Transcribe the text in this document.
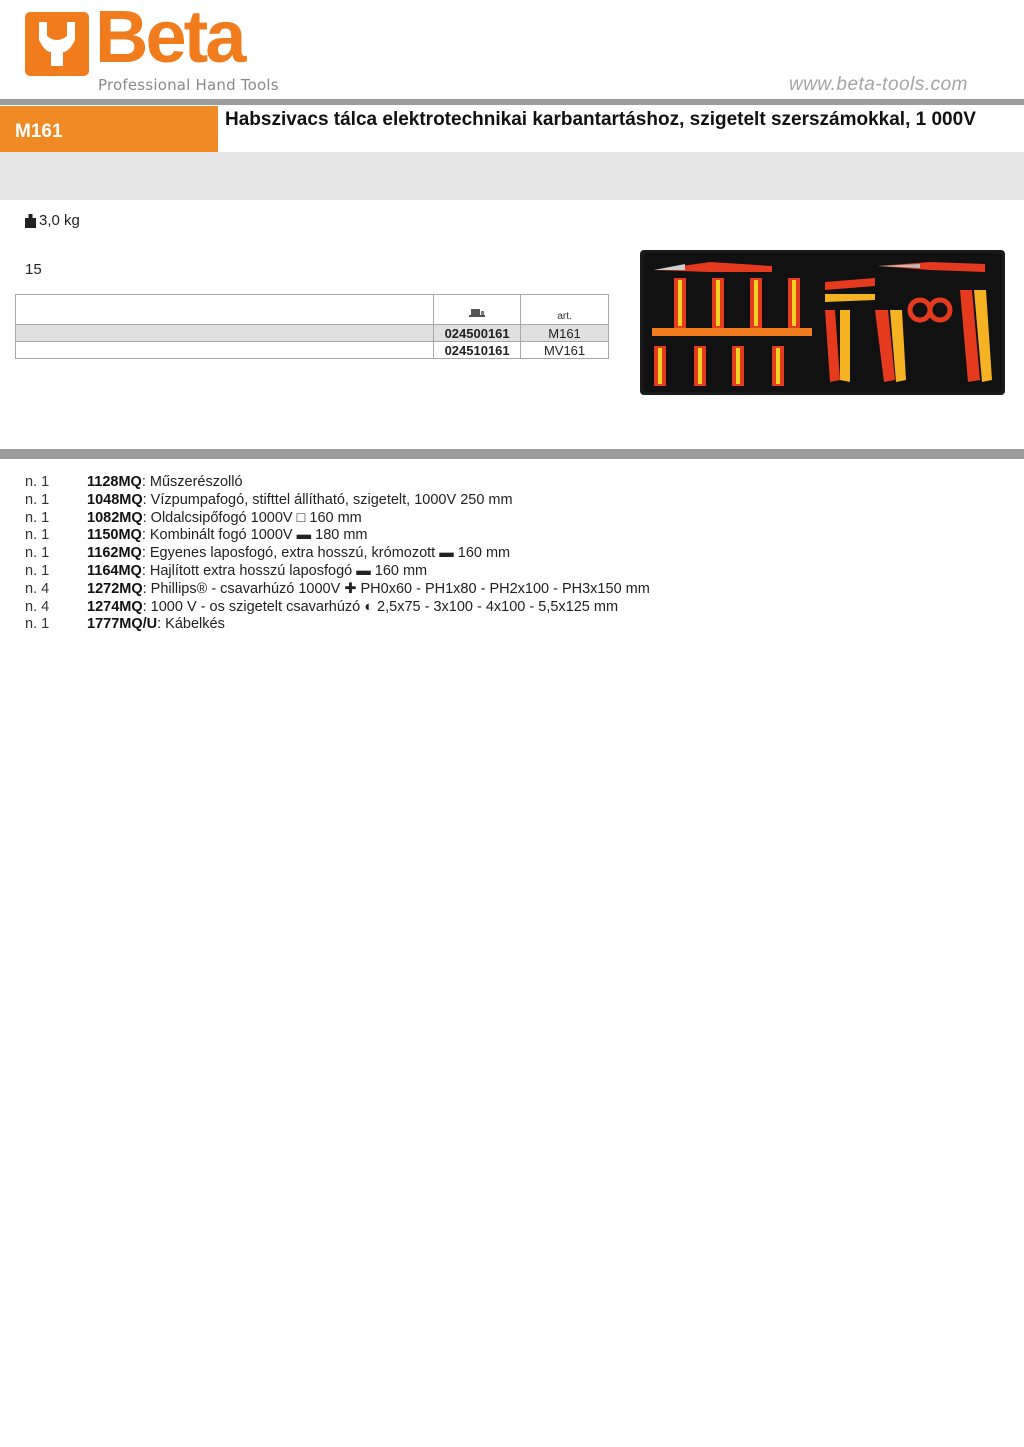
Beta
Professional Hand Tools	www.beta-tools.com
M161
Habszivacs tálca elektrotechnikai karbantartáshoz, szigetelt szerszámokkal, 1 000V
3,0 kg
15
		art.
	024500161	M161
	024510161	MV161
n. 1	1128MQ : Műszerészolló
n. 1	1048MQ : Vízpumpafogó, stifttel állítható, szigetelt, 1000V 250 mm
n. 1	1082MQ : Oldalcsipőfogó 1000V □ 160 mm
n. 1	1150MQ : Kombinált fogó 1000V ▬ 180 mm
n. 1	1162MQ : Egyenes laposfogó, extra hosszú, krómozott ▬ 160 mm
n. 1	1164MQ : Hajlított extra hosszú laposfogó ▬ 160 mm
n. 4	1272MQ : Phillips® - csavarhúzó 1000V ✚ PH0x60 - PH1x80 - PH2x100 - PH3x150 mm
n. 4	1274MQ : 1000 V - os szigetelt csavarhúzó ◐ 2,5x75 - 3x100 - 4x100 - 5,5x125 mm
n. 1	1777MQ/U : Kábelkés
